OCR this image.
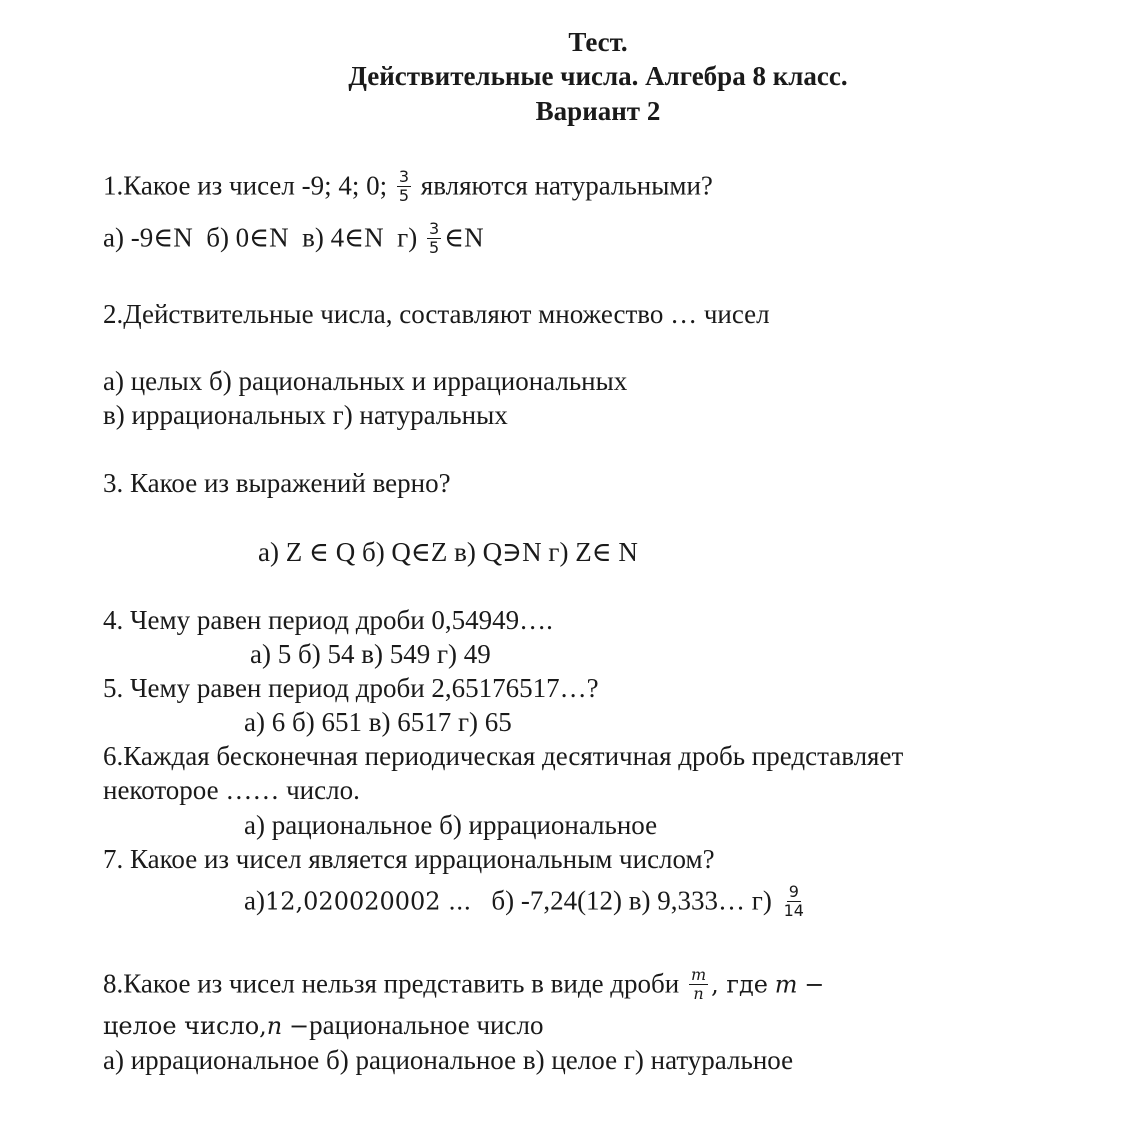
Тест.
Действительные числа. Алгебра 8 класс.
Вариант 2
1.Какое из чисел -9; 4; 0; $\frac{3}{5}$ являются натуральными?
а) -9∈N б) 0∈N в) 4∈N $г) \frac{3}{5}$ ∈N
2.Действительные числа, составляют множество … чисел
а) целых б) рациональных и иррациональных
в) иррациональных г) натуральных
3. Какое из выражений верно?
а) Z ∈ Q б) Q∈Z в) Q∋N г) Z∈ N
4. Чему равен период дроби 0,54949….
а) 5 б) 54 в) 549 г) 49
5. Чему равен период дроби 2,65176517…?
а) 6 б) 651 в) 6517 г) 65
6.Каждая бесконечная периодическая десятичная дробь представляет
некоторое …… число.
а) рациональное б) иррациональное
7. Какое из чисел является иррациональным числом?
а)12,020020002 ... б) -7,24(12) в) 9,333… $г) \frac{9}{14}$
8.Какое из чисел нельзя представить в виде дроби $\frac{m}{n}$ , где m −
целое число,n −рациональное число
а) иррациональное б) рациональное в) целое г) натуральное
